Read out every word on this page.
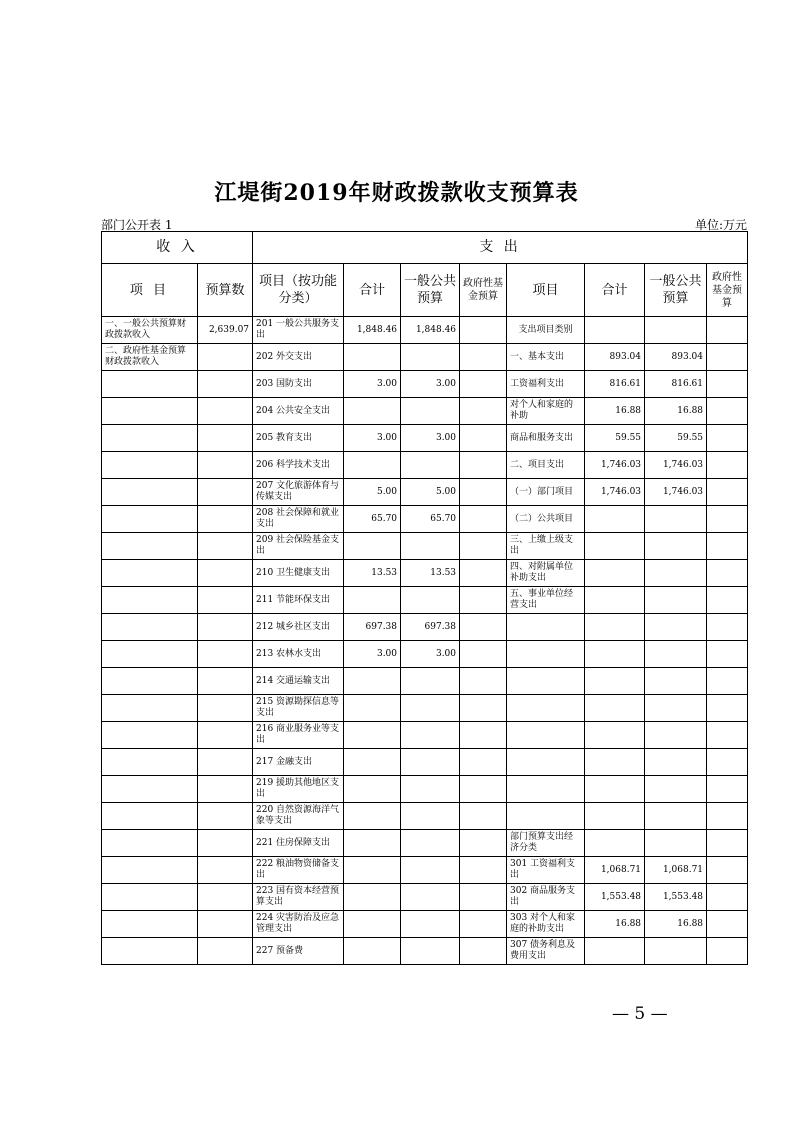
江堤街2019年财政拨款收支预算表
部门公开表 1	单位:万元
收 入		支 出							
项 目	预算数	项目（按功能分类）	合计	一般公共预算	政府性基金预算	项目	合计	一般公共预算	政府性基金预算
一、一般公共预算财政拨款收入	2,639.07	201 一般公共服务支出	1,848.46	1,848.46		支出项目类别			
二、政府性基金预算财政拨款收入		202 外交支出				一、基本支出	893.04	893.04	
		203 国防支出	3.00	3.00		工资福利支出	816.61	816.61	
		204 公共安全支出				对个人和家庭的补助	16.88	16.88	
		205 教育支出	3.00	3.00		商品和服务支出	59.55	59.55	
		206 科学技术支出				二、项目支出	1,746.03	1,746.03	
		207 文化旅游体育与传媒支出	5.00	5.00		（一）部门项目	1,746.03	1,746.03	
		208 社会保障和就业支出	65.70	65.70		（二）公共项目			
		209 社会保险基金支出				三、上缴上级支出			
		210 卫生健康支出	13.53	13.53		四、对附属单位补助支出			
		211 节能环保支出				五、事业单位经营支出			
		212 城乡社区支出	697.38	697.38					
		213 农林水支出	3.00	3.00					
		214 交通运输支出							
		215 资源勘探信息等支出							
		216 商业服务业等支出							
		217 金融支出							
		219 援助其他地区支出							
		220 自然资源海洋气象等支出							
		221 住房保障支出				部门预算支出经济分类			
		222 粮油物资储备支出				301 工资福利支出	1,068.71	1,068.71	
		223 国有资本经营预算支出				302 商品服务支出	1,553.48	1,553.48	
		224 灾害防治及应急管理支出				303 对个人和家庭的补助支出	16.88	16.88	
		227 预备费				307 债务利息及费用支出			
— 5 —
